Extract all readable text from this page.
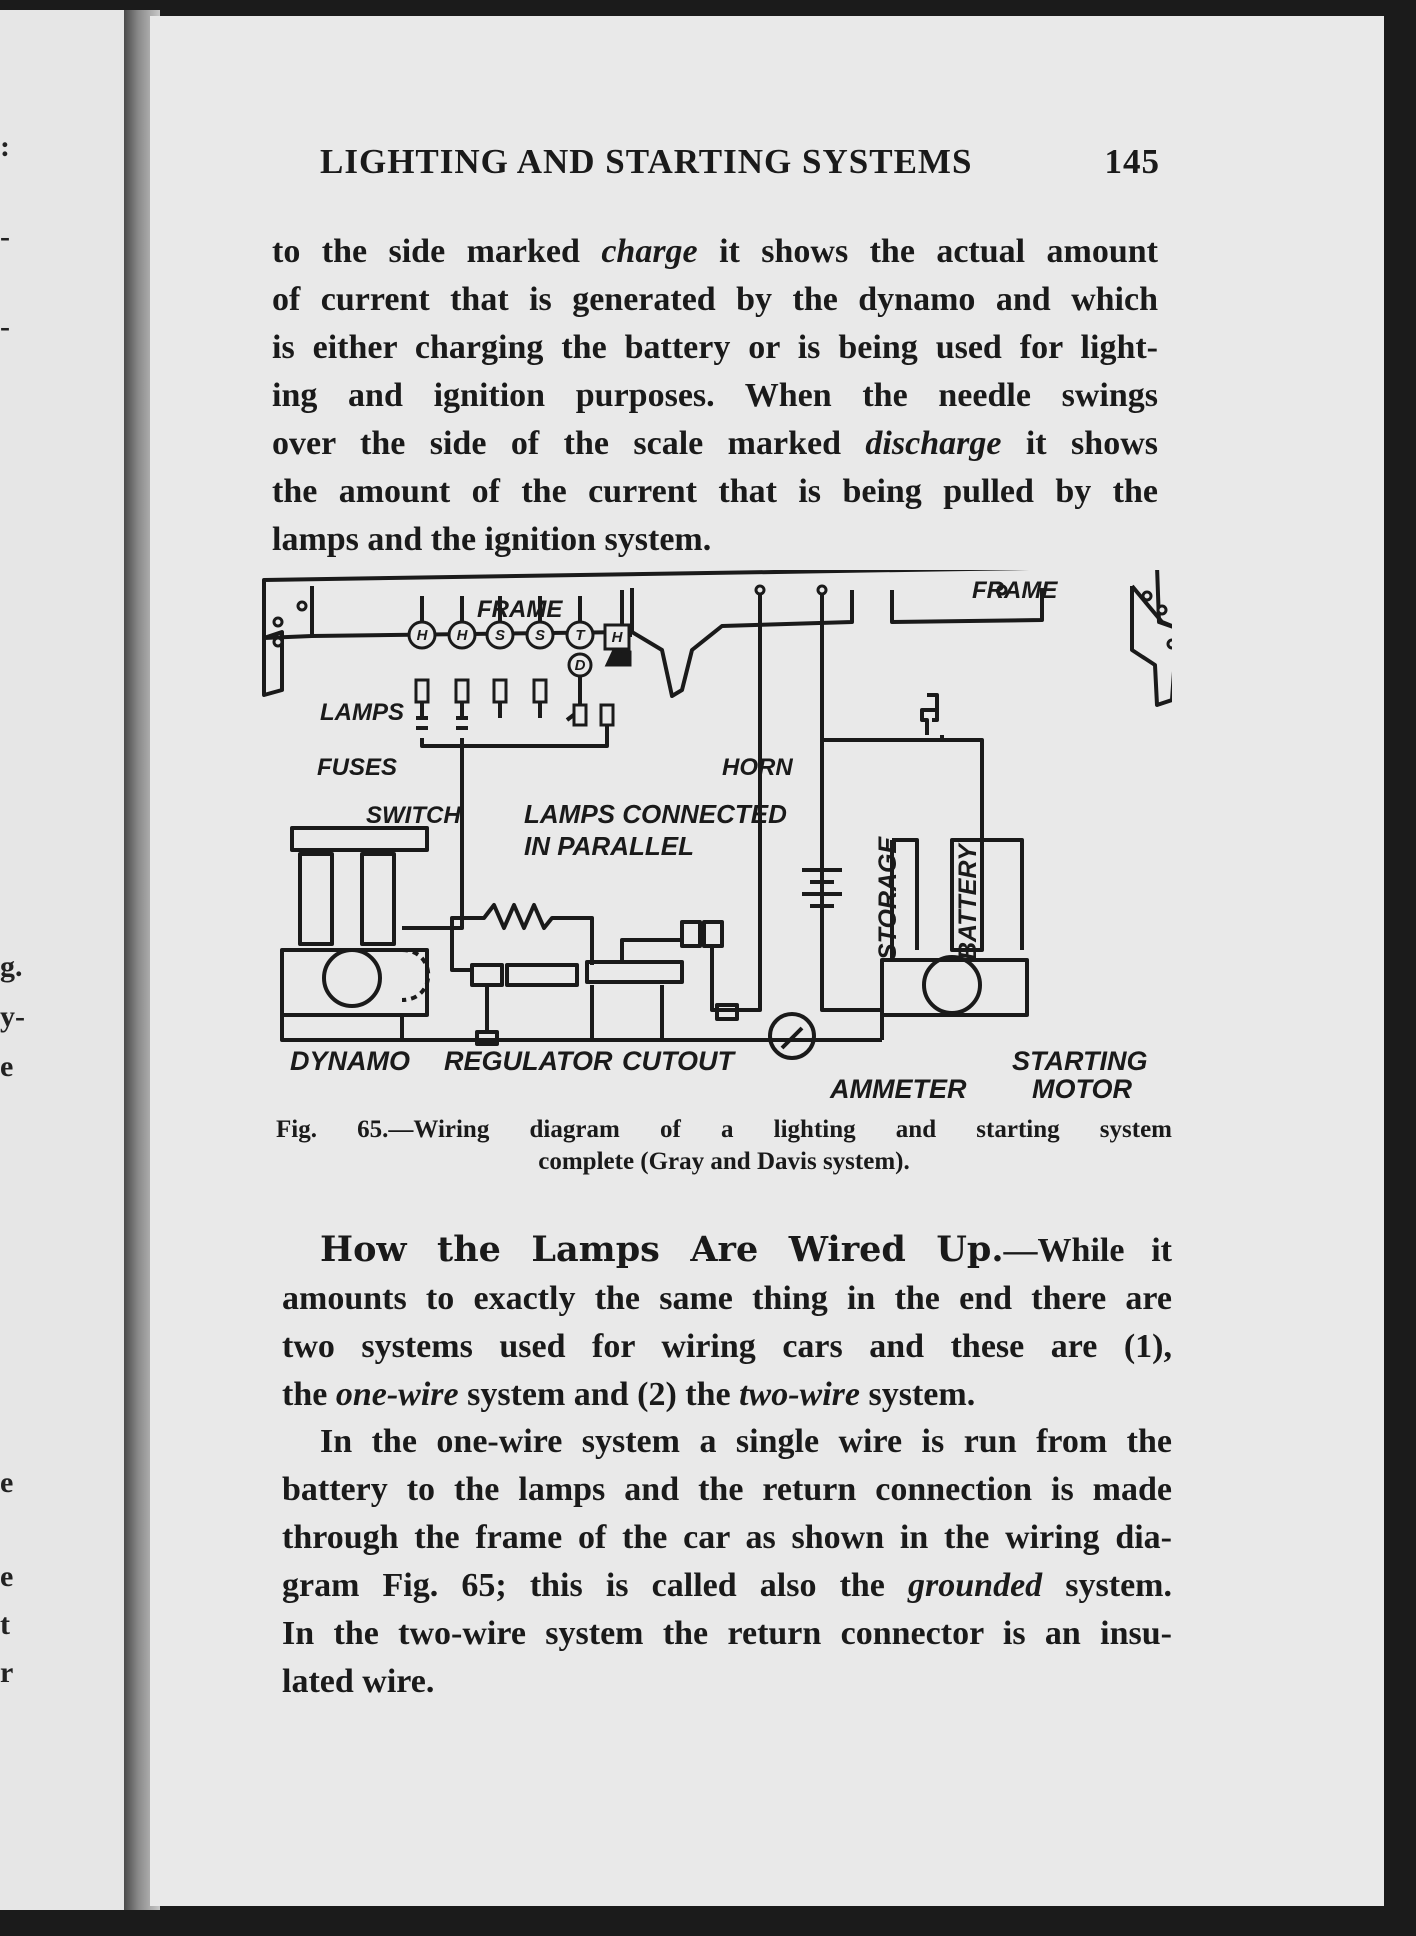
:
-
-
g.
y-
e
e
e
t
r
LIGHTING AND STARTING SYSTEMS	145
to the side marked charge it shows the actual amount
of current that is generated by the dynamo and which
is either charging the battery or is being used for light-
ing and ignition purposes. When the needle swings
over the side of the scale marked discharge it shows
the amount of the current that is being pulled by the
lamps and the ignition system.
H H S S T
D
H
FRAME
FRAME
LAMPS
FUSES	HORN
SWITCH LAMPS CONNECTED
IN PARALLEL
DYNAMO REGULATOR CUTOUT
AMMETER
STARTING
MOTOR
STORAGE BATTERY
Fig. 65.—Wiring diagram of a lighting and starting system
complete (Gray and Davis system).
How the Lamps Are Wired Up.—While it
amounts to exactly the same thing in the end there are
two systems used for wiring cars and these are (1),
the one-wire system and (2) the two-wire system.
In the one-wire system a single wire is run from the
battery to the lamps and the return connection is made
through the frame of the car as shown in the wiring dia-
gram Fig. 65; this is called also the grounded system.
In the two-wire system the return connector is an insu-
lated wire.
